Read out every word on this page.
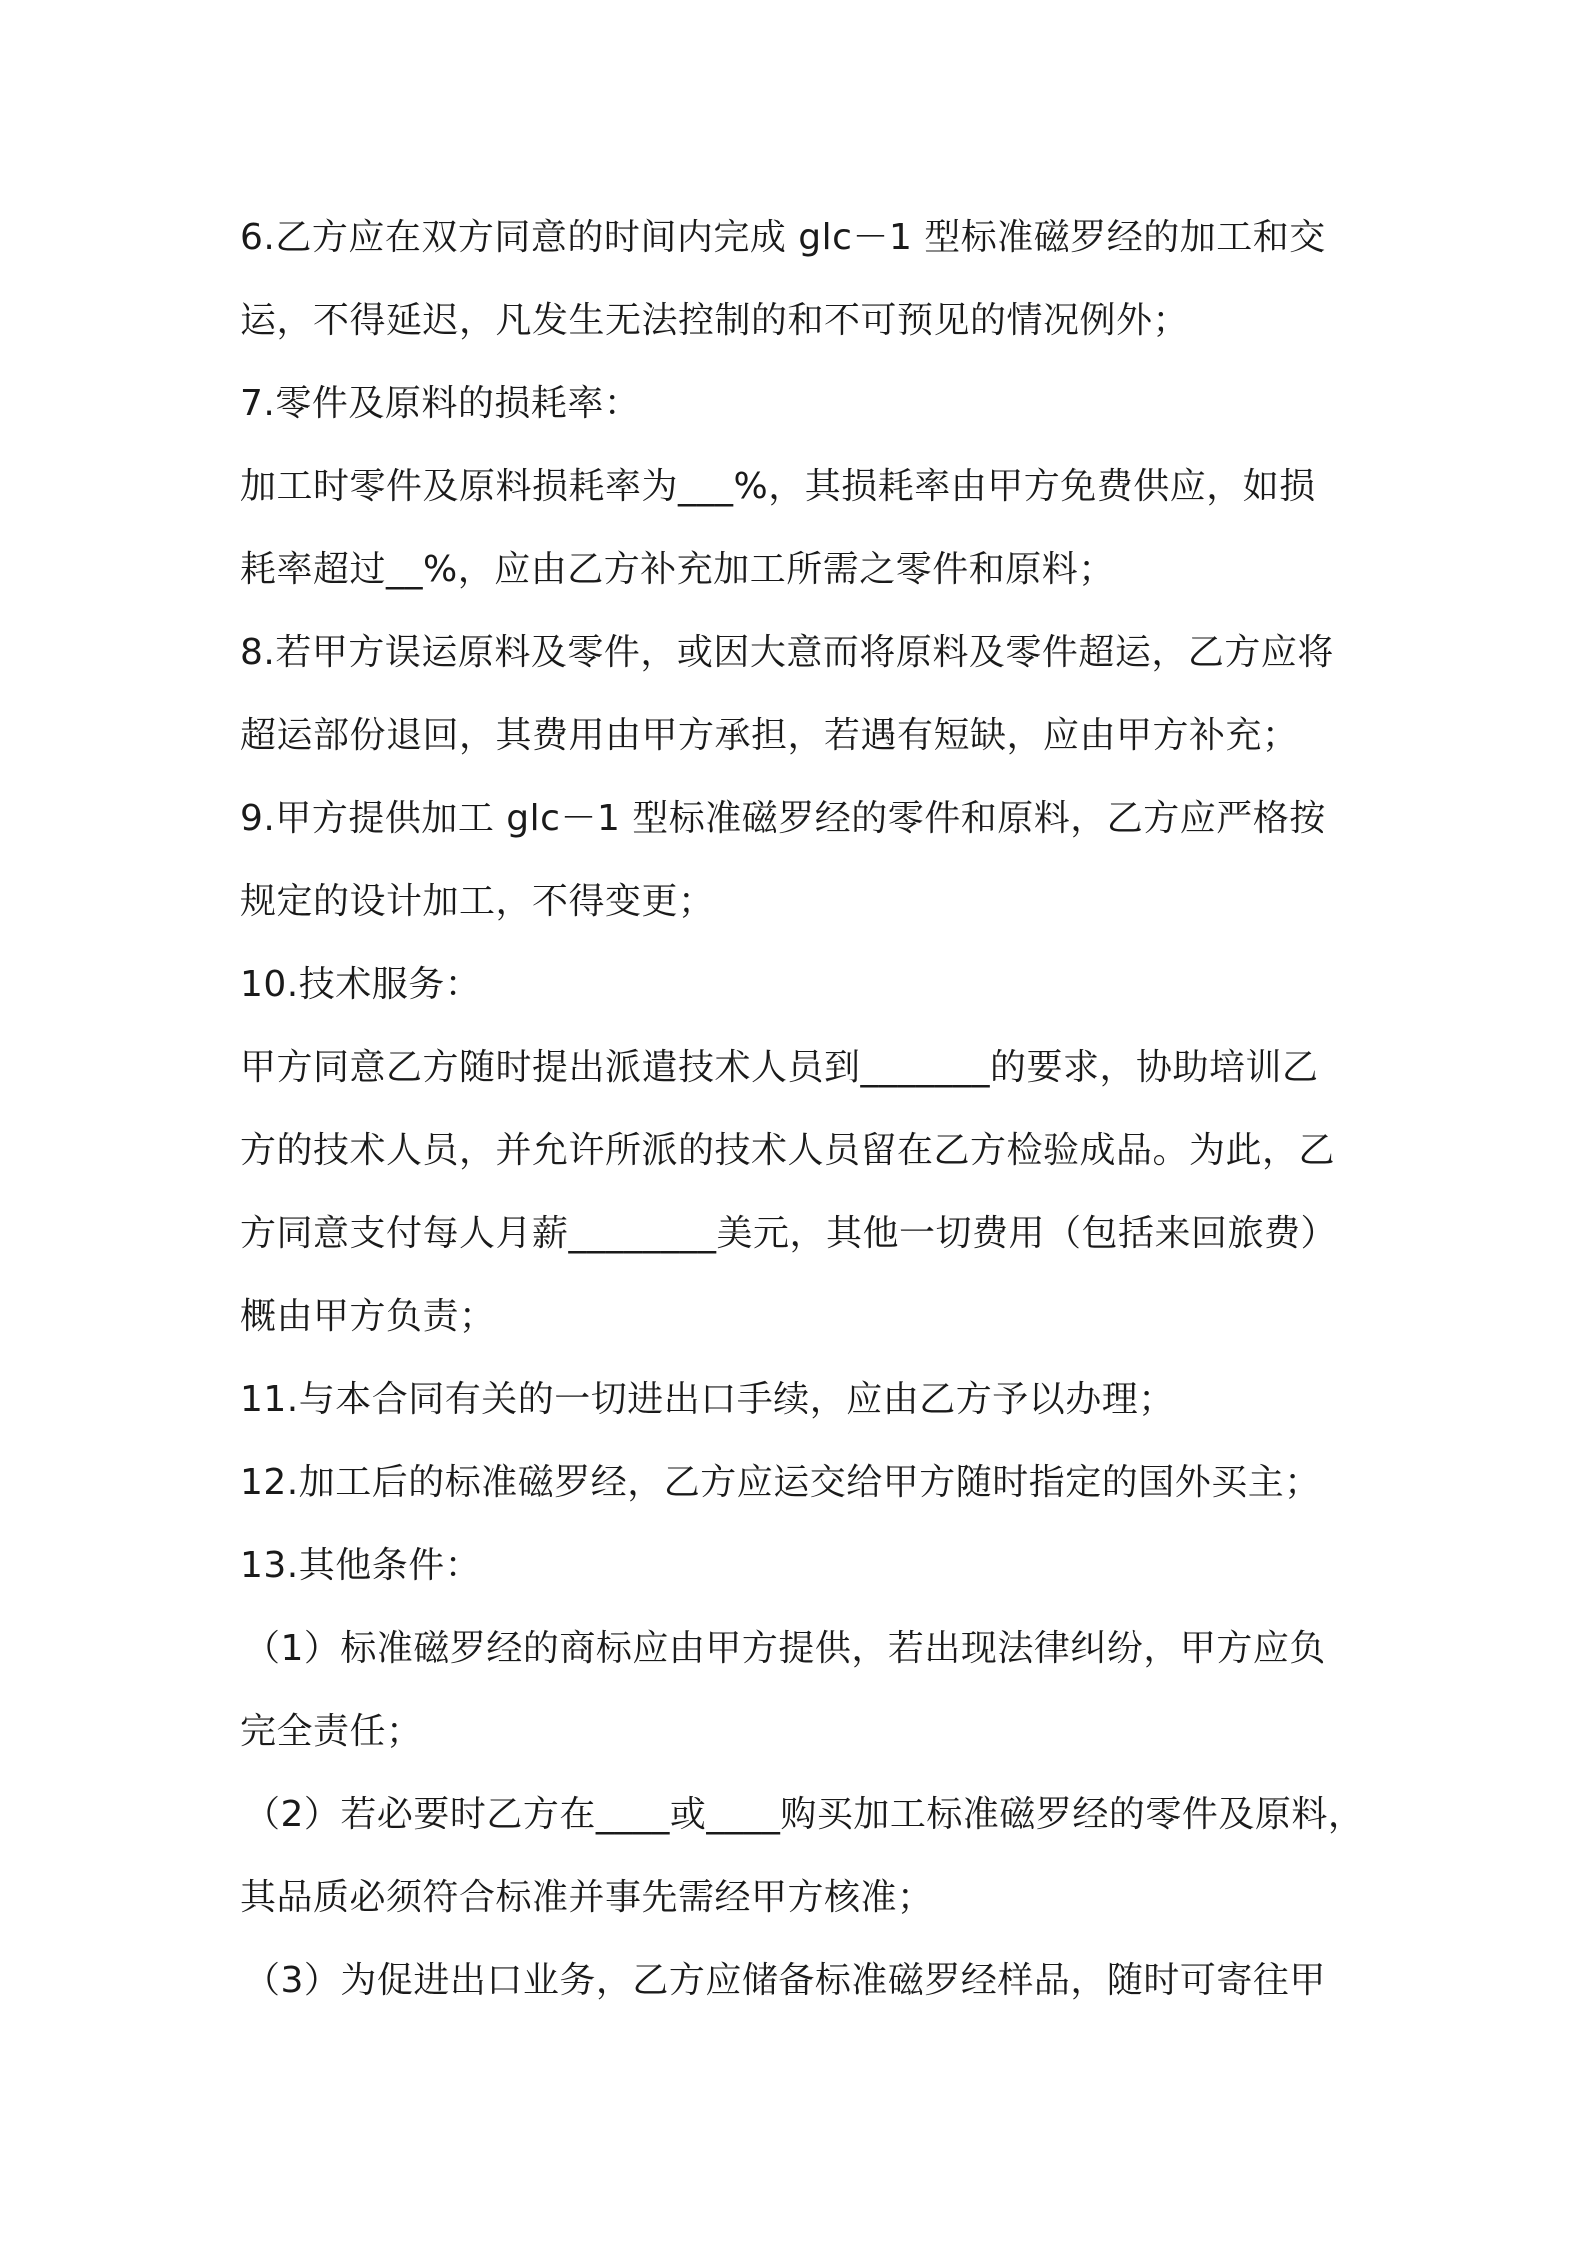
6.乙方应在双方同意的时间内完成 glc－1 型标准磁罗经的加工和交
运，不得延迟，凡发生无法控制的和不可预见的情况例外；
7.零件及原料的损耗率：
加工时零件及原料损耗率为___%，其损耗率由甲方免费供应，如损
耗率超过__%，应由乙方补充加工所需之零件和原料；
8.若甲方误运原料及零件，或因大意而将原料及零件超运，乙方应将
超运部份退回，其费用由甲方承担，若遇有短缺，应由甲方补充；
9.甲方提供加工 glc－1 型标准磁罗经的零件和原料，乙方应严格按
规定的设计加工，不得变更；
10.技术服务：
甲方同意乙方随时提出派遣技术人员到_______的要求，协助培训乙
方的技术人员，并允许所派的技术人员留在乙方检验成品。为此，乙
方同意支付每人月薪________美元，其他一切费用（包括来回旅费）
概由甲方负责；
11.与本合同有关的一切进出口手续，应由乙方予以办理；
12.加工后的标准磁罗经，乙方应运交给甲方随时指定的国外买主；
13.其他条件：
（1）标准磁罗经的商标应由甲方提供，若出现法律纠纷，甲方应负
完全责任；
（2）若必要时乙方在____或____购买加工标准磁罗经的零件及原料，
其品质必须符合标准并事先需经甲方核准；
（3）为促进出口业务，乙方应储备标准磁罗经样品，随时可寄往甲
